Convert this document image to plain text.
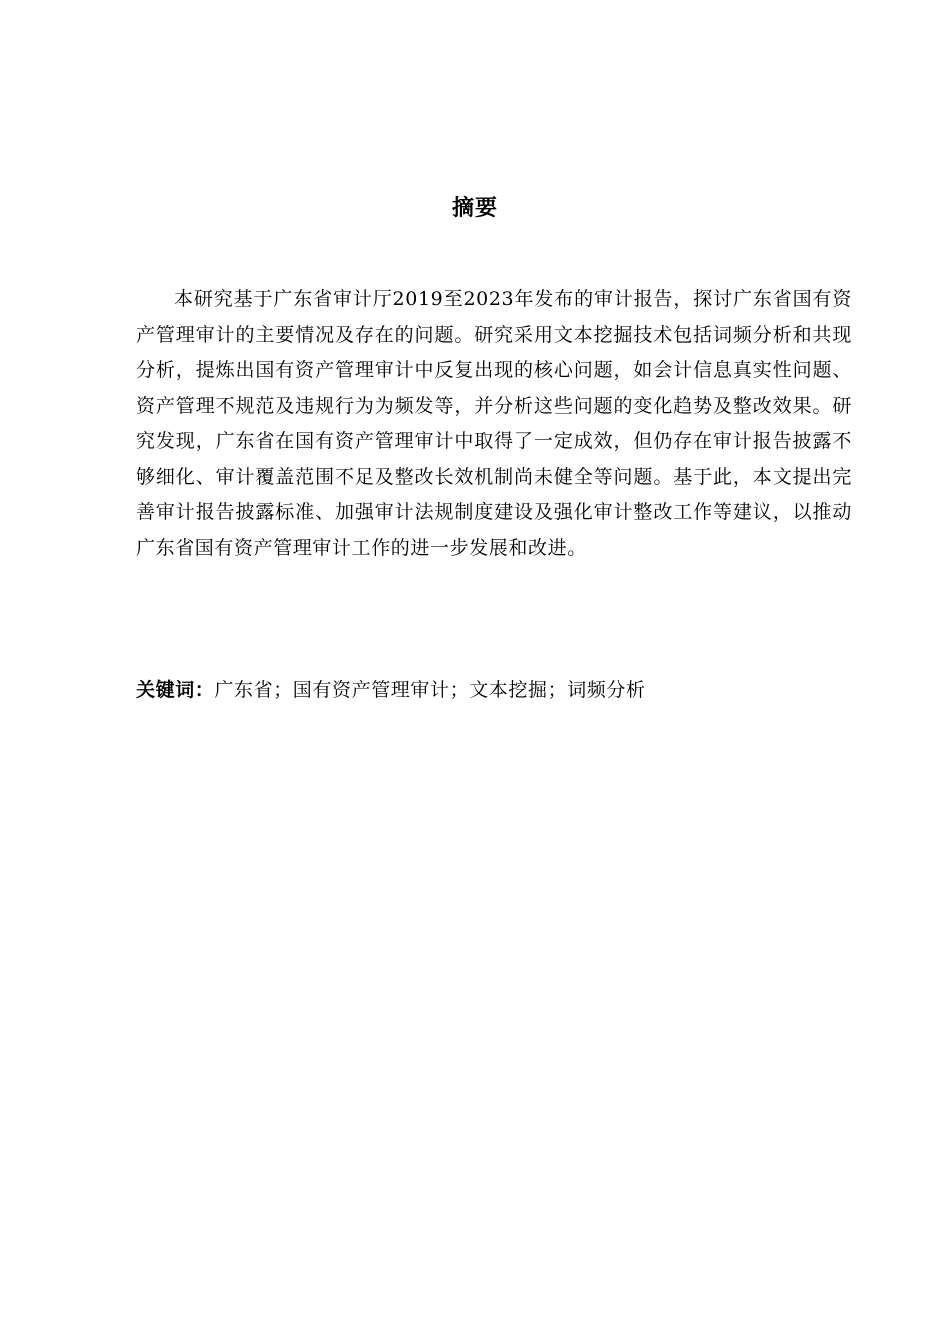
摘要

本研究基于广东省审计厅2019至2023年发布的审计报告，探讨广东省国有资产管理审计的主要情况及存在的问题。研究采用文本挖掘技术包括词频分析和共现分析，提炼出国有资产管理审计中反复出现的核心问题，如会计信息真实性问题、资产管理不规范及违规行为为频发等，并分析这些问题的变化趋势及整改效果。研究发现，广东省在国有资产管理审计中取得了一定成效，但仍存在审计报告披露不够细化、审计覆盖范围不足及整改长效机制尚未健全等问题。基于此，本文提出完善审计报告披露标准、加强审计法规制度建设及强化审计整改工作等建议，以推动广东省国有资产管理审计工作的进一步发展和改进。

关键词：广东省；国有资产管理审计；文本挖掘；词频分析
